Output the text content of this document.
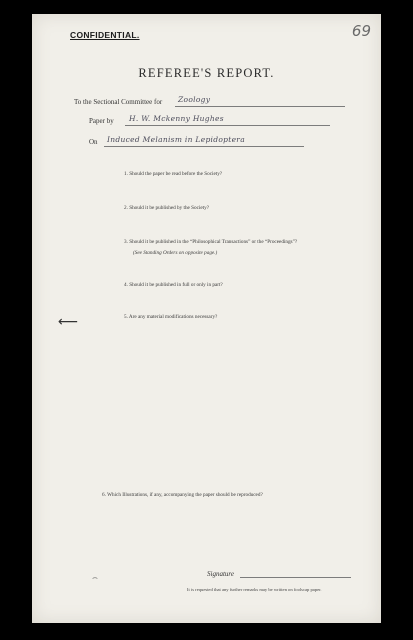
CONFIDENTIAL.	69
REFEREE'S REPORT.
To the Sectional Committee for Zoology
Paper by H. W. Mckenny Hughes
On Induced Melanism in Lepidoptera
1. Should the paper be read before the Society?
2. Should it be published by the Society?
3. Should it be published in the “Philosophical Transactions” or the “Proceedings”?
(See Standing Orders on opposite page.)
4. Should it be published in full or only in part?
5. Are any material modifications necessary?
⟵
6. Which Illustrations, if any, accompanying the paper should be reproduced?
⌢	Signature
It is requested that any further remarks may be written on foolscap paper.
